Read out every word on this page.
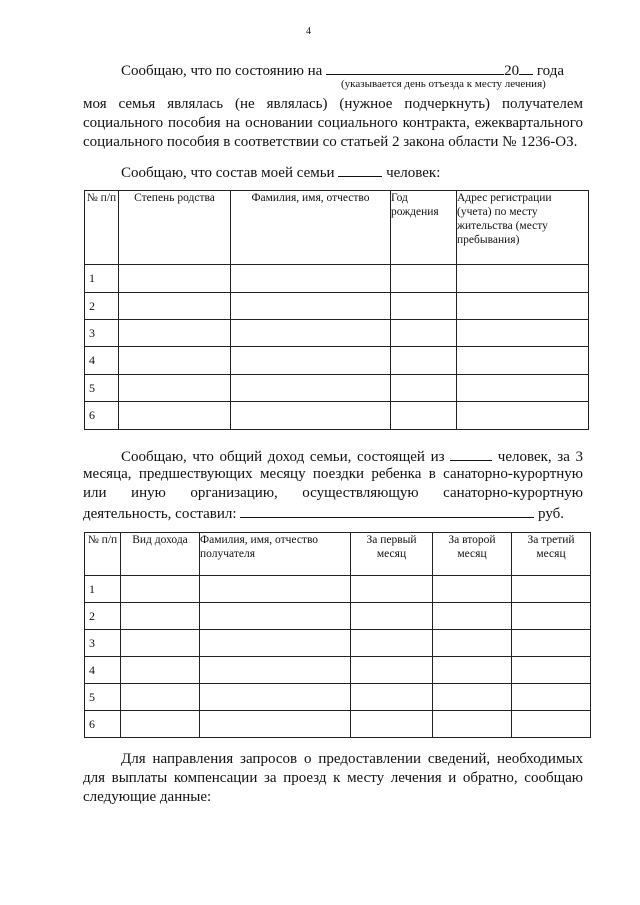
4
Сообщаю, что по состоянию на	20 года
(указывается день отъезда к месту лечения)
моя семья являлась (не являлась) (нужное подчеркнуть) получателем
социального пособия на основании социального контракта, ежеквартального
социального пособия в соответствии со статьей 2 закона области № 1236-ОЗ.
Сообщаю, что состав моей семьи	человек:
№ п/п	Степень родства	Фамилия, имя, отчество	Год рождения	Адрес регистрации (учета) по месту жительства (месту пребывания)
1				
2				
3				
4				
5				
6				
Сообщаю, что общий доход семьи, состоящей из	человек, за 3
месяца, предшествующих месяцу поездки ребенка в санаторно-курортную
или иную организацию, осуществляющую санаторно-курортную
деятельность, составил:	руб.
№ п/п	Вид дохода	Фамилия, имя, отчество получателя	За первый месяц	За второй месяц	За третий месяц
1					
2					
3					
4					
5					
6					
Для направления запросов о предоставлении сведений, необходимых
для выплаты компенсации за проезд к месту лечения и обратно, сообщаю
следующие данные:
